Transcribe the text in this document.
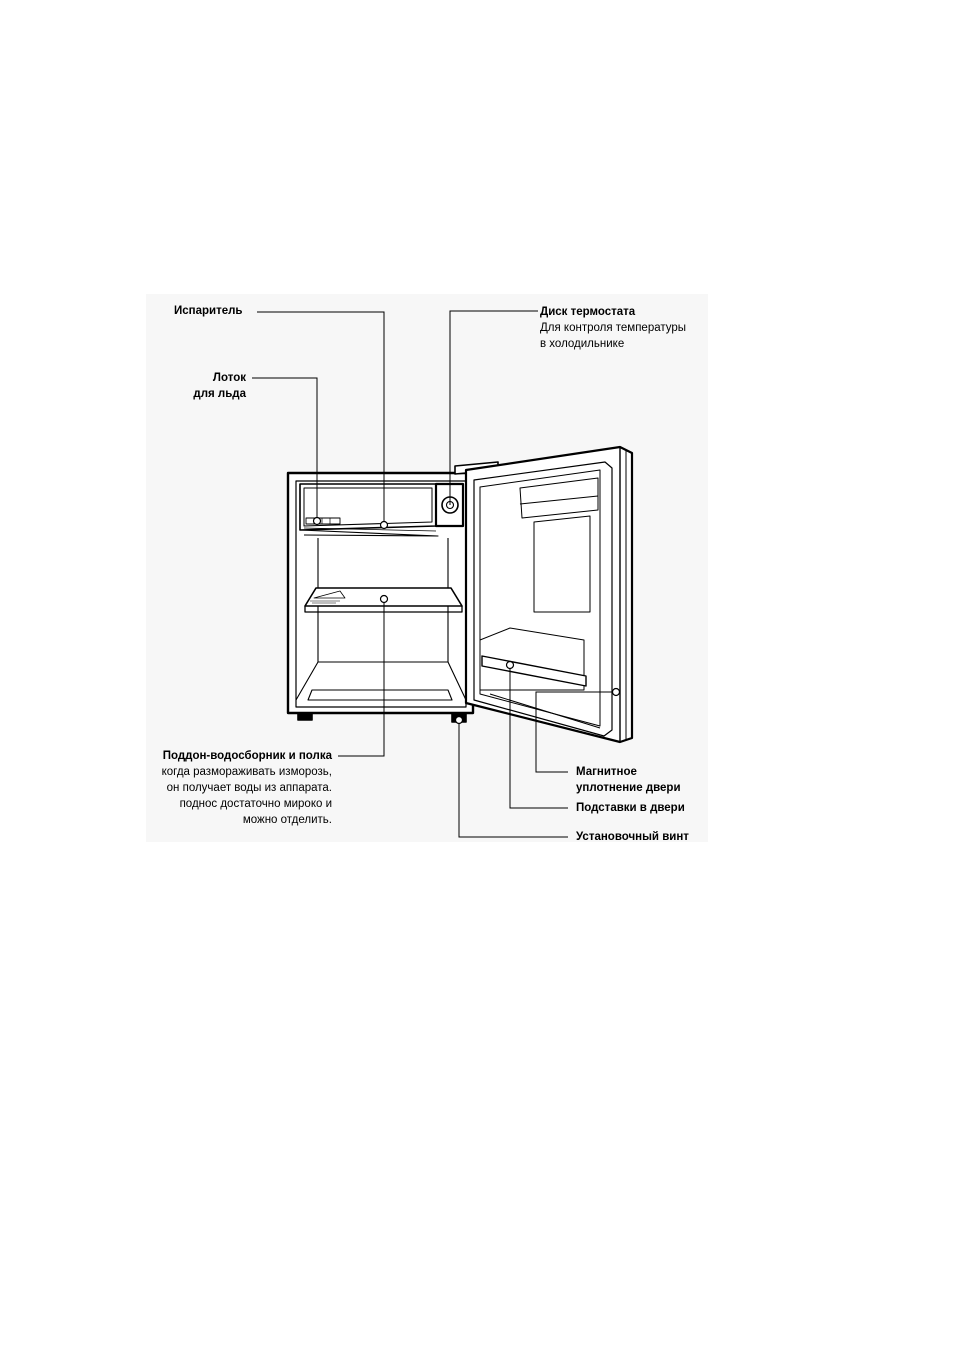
Испаритель
Лоток
для льда
Диск термостата
Для контроля температуры
в холодильнике
Поддон-водосборник и полка
когда размораживать изморозь,
он получает воды из аппарата.
поднос достаточно мироко и
можно отделить.
Магнитное
уплотнение двери
Подставки в двери
Установочный винт
